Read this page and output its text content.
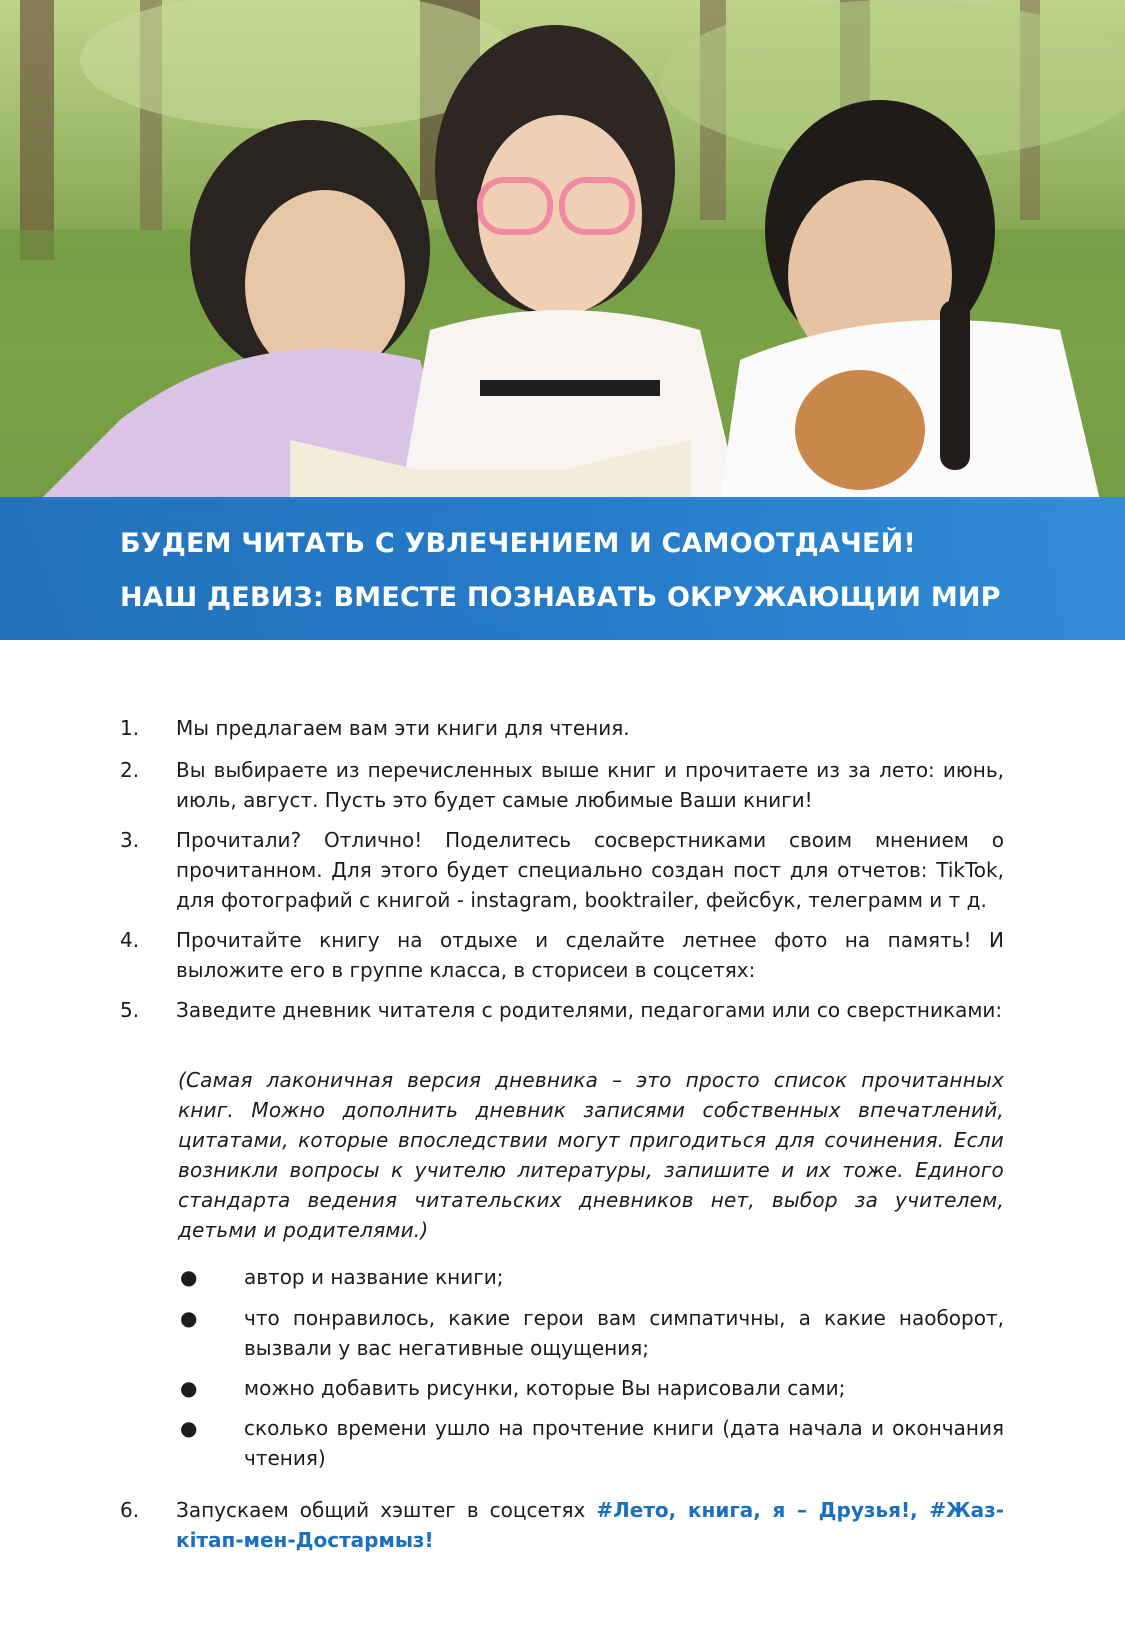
БУДЕМ ЧИТАТЬ С УВЛЕЧЕНИЕМ И САМООТДАЧЕЙ!
НАШ ДЕВИЗ: ВМЕСТЕ ПОЗНАВАТЬ ОКРУЖАЮЩИИ МИР
1. Мы предлагаем вам эти книги для чтения.
2. Вы выбираете из перечисленных выше книг и прочитаете из за лето: июнь, июль, август. Пусть это будет самые любимые Ваши книги!
3. Прочитали? Отлично! Поделитесь сосверстниками своим мнением о прочитанном. Для этого будет специально создан пост для отчетов: TikTok, для фотографий с книгой - instagram, booktrailer, фейсбук, телеграмм и т д.
4. Прочитайте книгу на отдыхе и сделайте летнее фото на память! И выложите его в группе класса, в сторисеи в соцсетях:
5. Заведите дневник читателя с родителями, педагогами или со сверстниками:
(Самая лаконичная версия дневника – это просто список прочитанных книг. Можно дополнить дневник записями собственных впечатлений, цитатами, которые впоследствии могут пригодиться для сочинения. Если возникли вопросы к учителю литературы, запишите и их тоже. Единого стандарта ведения читательских дневников нет, выбор за учителем, детьми и родителями.)
● автор и название книги;
● что понравилось, какие герои вам симпатичны, а какие наоборот, вызвали у вас негативные ощущения;
● можно добавить рисунки, которые Вы нарисовали сами;
● сколько времени ушло на прочтение книги (дата начала и окончания чтения)
6. Запускаем общий хэштег в соцсетях #Лето, книга, я – Друзья!, #Жаз-кітап-мен-Достармыз!
